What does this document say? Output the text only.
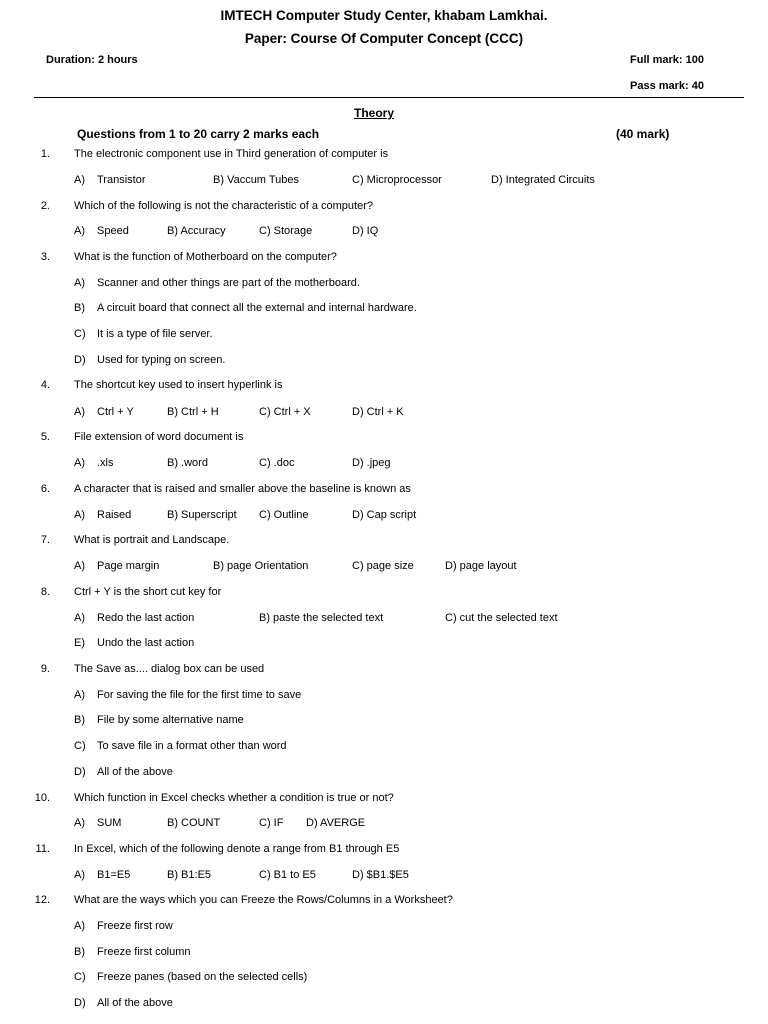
IMTECH Computer Study Center, khabam Lamkhai.
Paper: Course Of Computer Concept (CCC)
Duration: 2 hours	Full mark: 100
Pass mark: 40
Theory
Questions from 1 to 20 carry 2 marks each	(40 mark)
1. The electronic component use in Third generation of computer is
A) Transistor	B) Vaccum Tubes	C) Microprocessor	D) Integrated Circuits
2. Which of the following is not the characteristic of a computer?
A) Speed	B) Accuracy	C) Storage	D) IQ
3. What is the function of Motherboard on the computer?
A) Scanner and other things are part of the motherboard.
B) A circuit board that connect all the external and internal hardware.
C) It is a type of file server.
D) Used for typing on screen.
4. The shortcut key used to insert hyperlink is
A) Ctrl + Y	B) Ctrl + H	C) Ctrl + X	D) Ctrl + K
5. File extension of word document is
A) .xls	B) .word	C) .doc	D) .jpeg
6. A character that is raised and smaller above the baseline is known as
A) Raised	B) Superscript C) Outline	D) Cap script
7. What is portrait and Landscape.
A) Page margin	B) page Orientation	C) page size	D) page layout
8. Ctrl + Y is the short cut key for
A) Redo the last action	B) paste the selected text	C) cut the selected text
E) Undo the last action
9. The Save as.... dialog box can be used
A) For saving the file for the first time to save
B) File by some alternative name
C) To save file in a format other than word
D) All of the above
10. Which function in Excel checks whether a condition is true or not?
A) SUM	B) COUNT	C) IF D) AVERGE
11. In Excel, which of the following denote a range from B1 through E5
A) B1=E5	B) B1:E5	C) B1 to E5	D) $B1.$E5
12. What are the ways which you can Freeze the Rows/Columns in a Worksheet?
A) Freeze first row
B) Freeze first column
C) Freeze panes (based on the selected cells)
D) All of the above
